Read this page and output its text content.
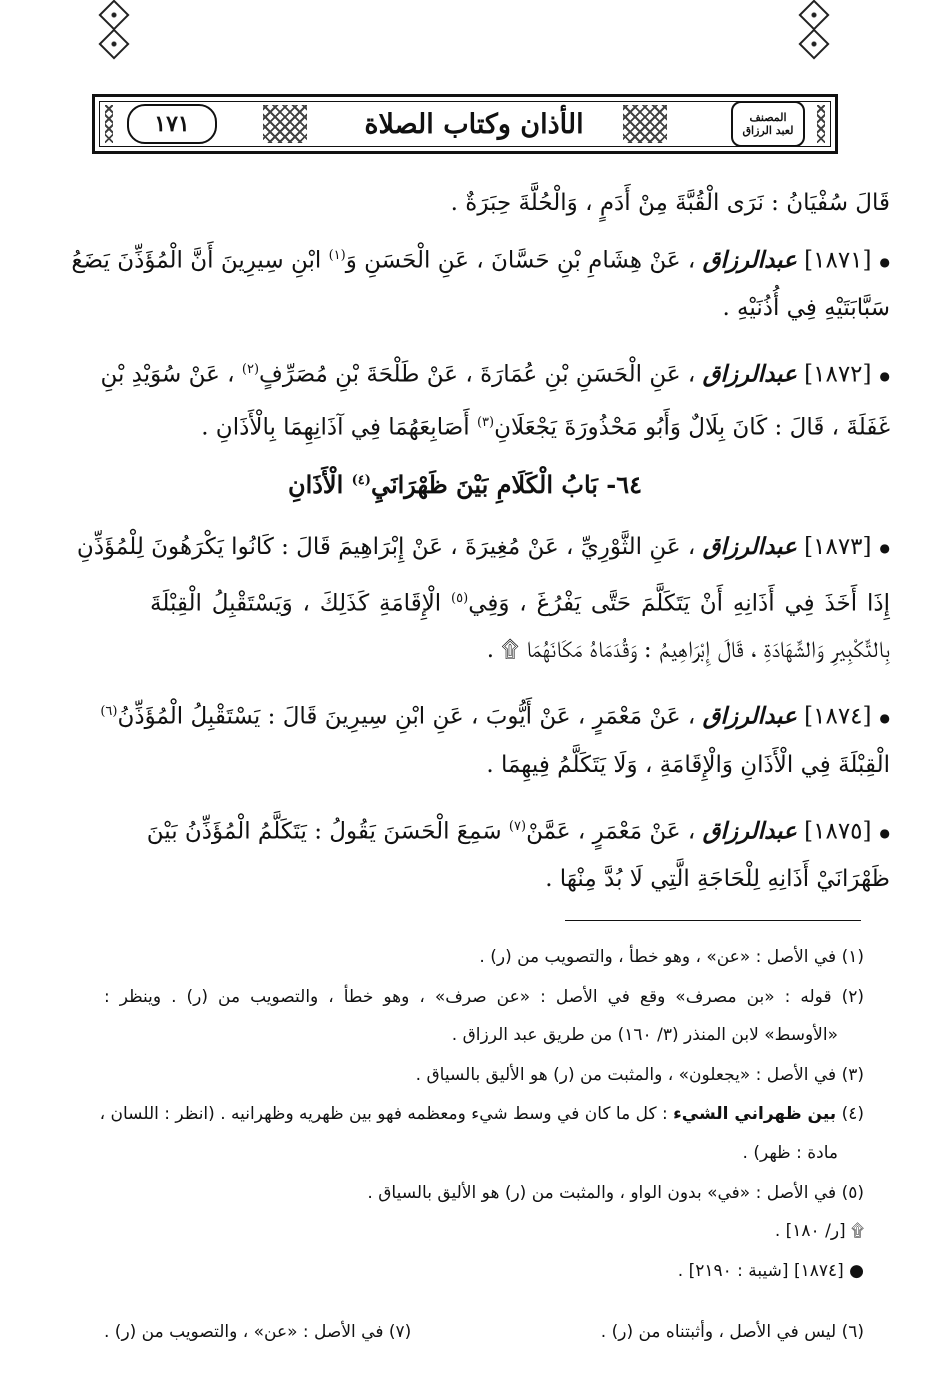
١٧١	الأذان وكتاب الصلاة	المصنف
لعبد الرزاق
قَالَ سُفْيَانُ : نَرَى الْقُبَّةَ مِنْ أَدَمٍ ، وَالْحُلَّةَ حِبَرَةٌ .
● [١٨٧١] عبدالرزاق ، عَنْ هِشَامِ بْنِ حَسَّانَ ، عَنِ الْحَسَنِ وَ$^{(١)}$ ابْنِ سِيرِينَ أَنَّ الْمُؤَذِّنَ يَضَعُ
سَبَّابَتَيْهِ فِي أُذُنَيْهِ .
● [١٨٧٢] عبدالرزاق ، عَنِ الْحَسَنِ بْنِ عُمَارَةَ ، عَنْ طَلْحَةَ بْنِ مُصَرِّفٍ$^{(٢)}$ ، عَنْ سُوَيْدِ بْنِ
غَفَلَةَ ، قَالَ : كَانَ بِلَالٌ وَأَبُو مَحْذُورَةَ يَجْعَلَانِ$^{(٣)}$ أَصَابِعَهُمَا فِي آذَانِهِمَا بِالْأَذَانِ .
٦٤- بَابُ الْكَلَامِ بَيْنَ ظَهْرَانَيِ$^{(٤)}$ الْأَذَانِ
● [١٨٧٣] عبدالرزاق ، عَنِ الثَّوْرِيِّ ، عَنْ مُغِيرَةَ ، عَنْ إِبْرَاهِيمَ قَالَ : كَانُوا يَكْرَهُونَ لِلْمُؤَذِّنِ
إِذَا أَخَذَ فِي أَذَانِهِ أَنْ يَتَكَلَّمَ حَتَّى يَفْرُغَ ، وَفِي$^{(٥)}$ الْإِقَامَةِ كَذَلِكَ ، وَيَسْتَقْبِلُ الْقِبْلَةَ
بِالتَّكْبِيرِ وَالشَّهَادَةِ ، قَالَ إِبْرَاهِيمُ : وَقُدَمَاهُ مَكَانَهُمَا ۩ .
● [١٨٧٤] عبدالرزاق ، عَنْ مَعْمَرٍ ، عَنْ أَيُّوبَ ، عَنِ ابْنِ سِيرِينَ قَالَ : يَسْتَقْبِلُ الْمُؤَذِّنُ$^{(٦)}$
الْقِبْلَةَ فِي الْأَذَانِ وَالْإِقَامَةِ ، وَلَا يَتَكَلَّمُ فِيهِمَا .
● [١٨٧٥] عبدالرزاق ، عَنْ مَعْمَرٍ ، عَمَّنْ$^{(٧)}$ سَمِعَ الْحَسَنَ يَقُولُ : يَتَكَلَّمُ الْمُؤَذِّنُ بَيْنَ
ظَهْرَانَيْ أَذَانِهِ لِلْحَاجَةِ الَّتِي لَا بُدَّ مِنْهَا .
(١) في الأصل : «عن» ، وهو خطأ ، والتصويب من (ر) .
(٢) قوله : «بن مصرف» وقع في الأصل : «عن صرف» ، وهو خطأ ، والتصويب من (ر) . وينظر :
«الأوسط» لابن المنذر (٣/ ١٦٠) من طريق عبد الرزاق .
(٣) في الأصل : «يجعلون» ، والمثبت من (ر) هو الأليق بالسياق .
(٤) بين ظهراني الشيء : كل ما كان في وسط شيء ومعظمه فهو بين ظهريه وظهرانيه . (انظر : اللسان ،
مادة : ظهر) .
(٥) في الأصل : «في» بدون الواو ، والمثبت من (ر) هو الأليق بالسياق .
۩ [ر/ ١٨٠] .
● [١٨٧٤] [شيبة : ٢١٩٠] .
(٦) ليس في الأصل ، وأثبتناه من (ر) .
(٧) في الأصل : «عن» ، والتصويب من (ر) .
